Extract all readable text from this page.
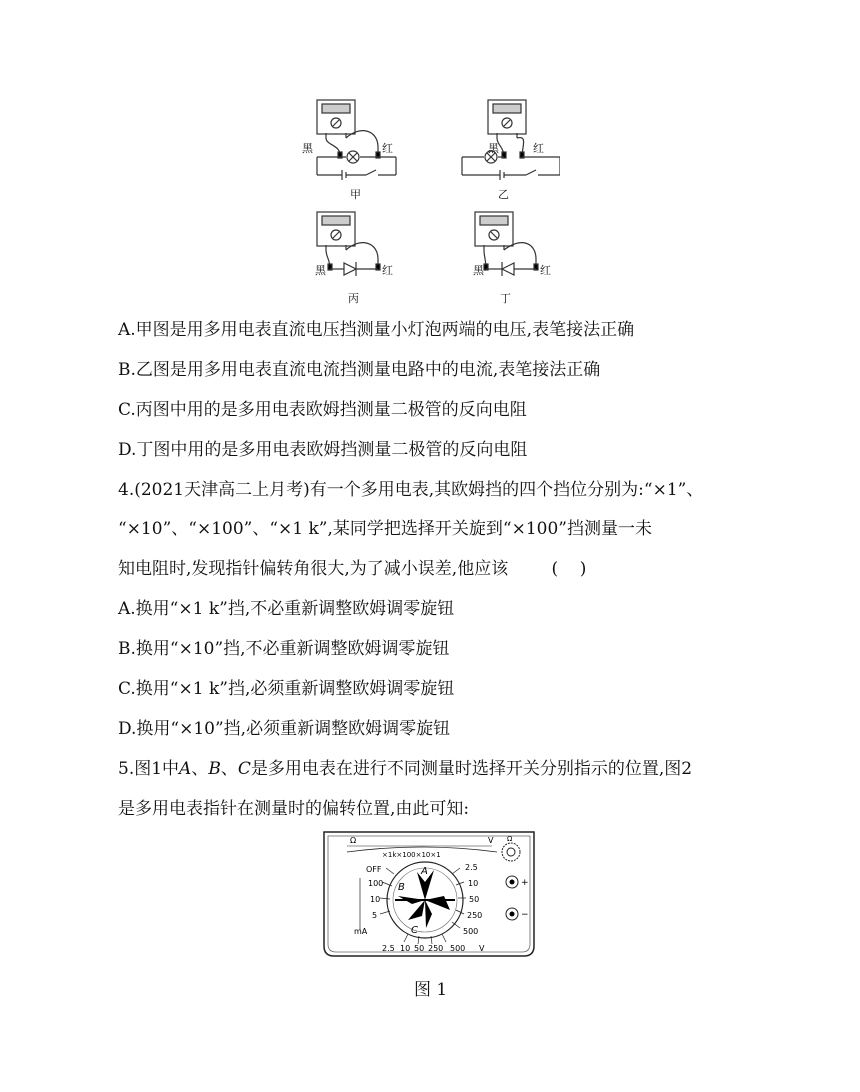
黑	红
甲
黑	红
乙
黑	红
丙
黑	红
丁
A.甲图是用多用电表直流电压挡测量小灯泡两端的电压,表笔接法正确
B.乙图是用多用电表直流电流挡测量电路中的电流,表笔接法正确
C.丙图中用的是多用电表欧姆挡测量二极管的反向电阻
D.丁图中用的是多用电表欧姆挡测量二极管的反向电阻
4.(2021天津高二上月考)有一个多用电表,其欧姆挡的四个挡位分别为:“×1”、
“×10”、“×100”、“×1 k”,某同学把选择开关旋到“×100”挡测量一未
知电阻时,发现指针偏转角很大,为了减小误差,他应该        (    )
A.换用“×1 k”挡,不必重新调整欧姆调零旋钮
B.换用“×10”挡,不必重新调整欧姆调零旋钮
C.换用“×1 k”挡,必须重新调整欧姆调零旋钮
D.换用“×10”挡,必须重新调整欧姆调零旋钮
5.图1中A、B、C是多用电表在进行不同测量时选择开关分别指示的位置,图2
是多用电表指针在测量时的偏转位置,由此可知:
Ω
×1k×100×10×1
V
A
B
C
OFF
100
10
5
mA
2.5
10
50
250
500
2.5 10 50 250 500 V
Ω
+
−
图 1
